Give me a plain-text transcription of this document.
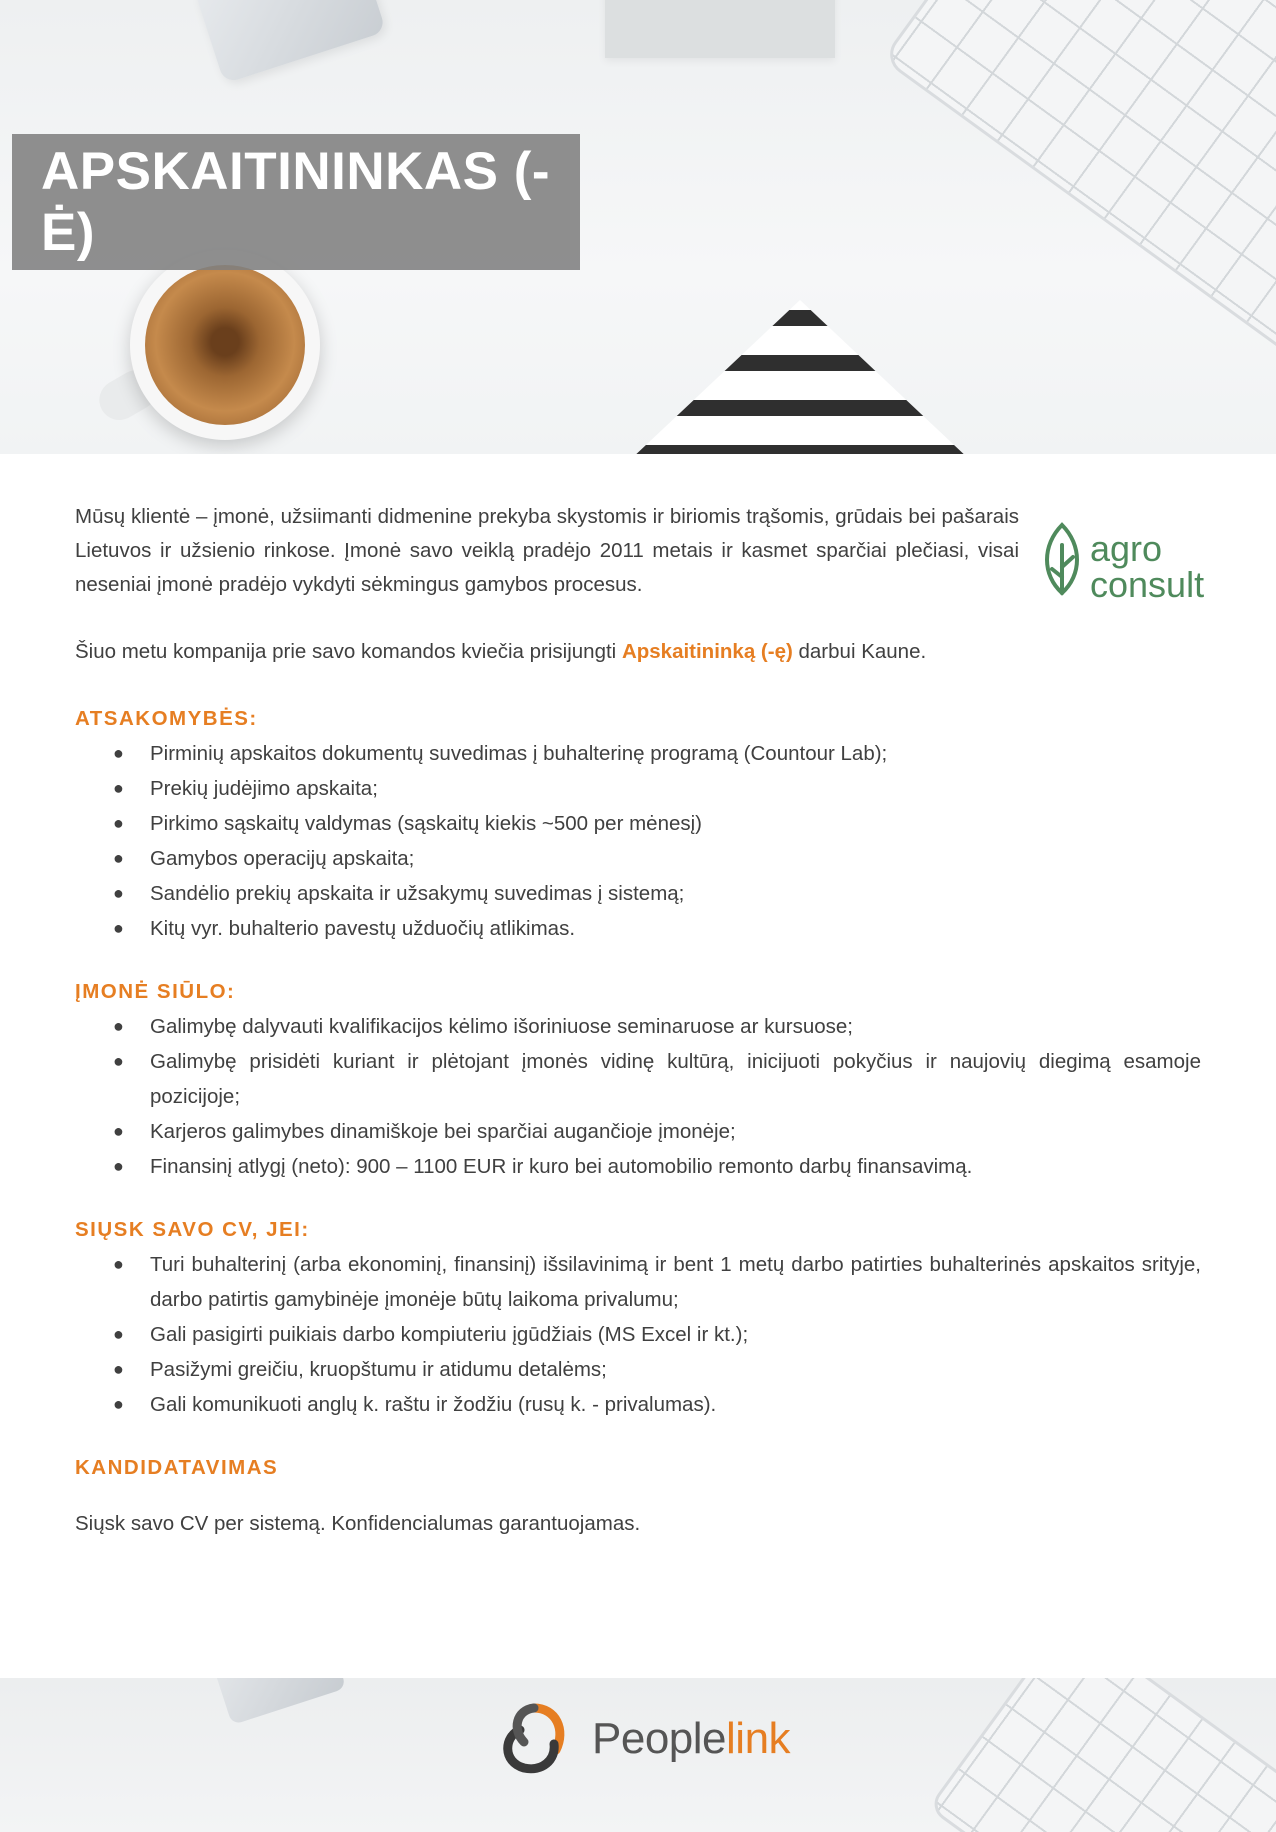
APSKAITININKAS (-Ė)
agro
consult

Mūsų klientė – įmonė, užsiimanti didmenine prekyba skystomis ir biriomis trąšomis, grūdais bei pašarais Lietuvos ir užsienio rinkose. Įmonė savo veiklą pradėjo 2011 metais ir kasmet sparčiai plečiasi, visai neseniai įmonė pradėjo vykdyti sėkmingus gamybos procesus.

Šiuo metu kompanija prie savo komandos kviečia prisijungti Apskaitininką (-ę) darbui Kaune.

ATSAKOMYBĖS:

● Pirminių apskaitos dokumentų suvedimas į buhalterinę programą (Countour Lab);
● Prekių judėjimo apskaita;
● Pirkimo sąskaitų valdymas (sąskaitų kiekis ~500 per mėnesį)
● Gamybos operacijų apskaita;
● Sandėlio prekių apskaita ir užsakymų suvedimas į sistemą;
● Kitų vyr. buhalterio pavestų užduočių atlikimas.

ĮMONĖ SIŪLO:

● Galimybę dalyvauti kvalifikacijos kėlimo išoriniuose seminaruose ar kursuose;
● Galimybę prisidėti kuriant ir plėtojant įmonės vidinę kultūrą, inicijuoti pokyčius ir naujovių diegimą esamoje pozicijoje;
● Karjeros galimybes dinamiškoje bei sparčiai augančioje įmonėje;
● Finansinį atlygį (neto): 900 – 1100 EUR ir kuro bei automobilio remonto darbų finansavimą.

SIŲSK SAVO CV, JEI:

● Turi buhalterinį (arba ekonominį, finansinį) išsilavinimą ir bent 1 metų darbo patirties buhalterinės apskaitos srityje, darbo patirtis gamybinėje įmonėje būtų laikoma privalumu;
● Gali pasigirti puikiais darbo kompiuteriu įgūdžiais (MS Excel ir kt.);
● Pasižymi greičiu, kruopštumu ir atidumu detalėms;
● Gali komunikuoti anglų k. raštu ir žodžiu (rusų k. - privalumas).

KANDIDATAVIMAS

Siųsk savo CV per sistemą. Konfidencialumas garantuojamas.

Peoplelink
